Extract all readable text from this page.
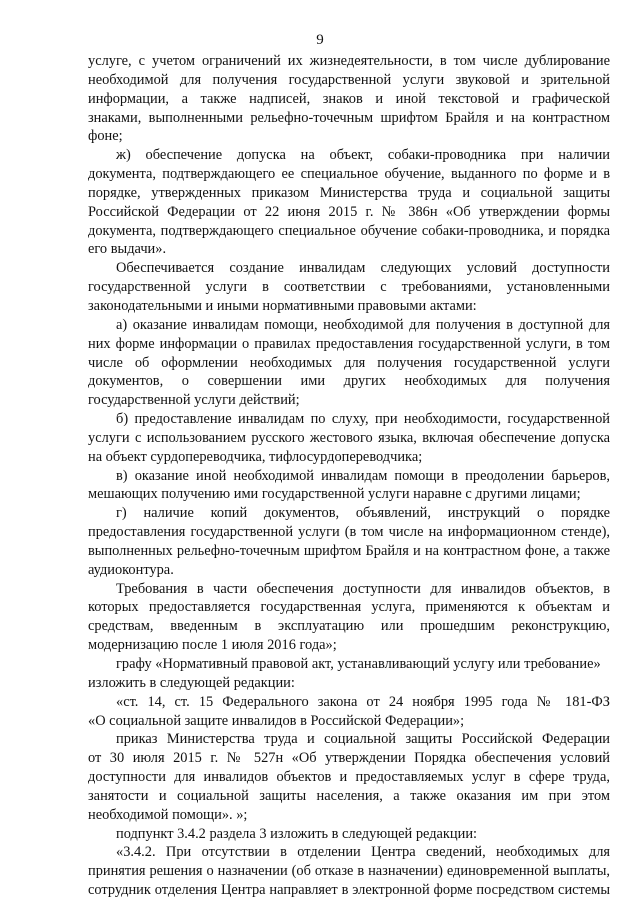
9
услуге, с учетом ограничений их жизнедеятельности, в том числе дублирование
необходимой для получения государственной услуги звуковой и зрительной
информации, а также надписей, знаков и иной текстовой и графической
знаками, выполненными рельефно-точечным шрифтом Брайля и на контрастном
фоне;
ж) обеспечение допуска на объект, собаки-проводника при наличии
документа, подтверждающего ее специальное обучение, выданного по форме и в
порядке, утвержденных приказом Министерства труда и социальной защиты
Российской Федерации от 22 июня 2015 г. № 386н «Об утверждении формы
документа, подтверждающего специальное обучение собаки-проводника, и порядка
его выдачи».
Обеспечивается создание инвалидам следующих условий доступности
государственной услуги в соответствии с требованиями, установленными
законодательными и иными нормативными правовыми актами:
а) оказание инвалидам помощи, необходимой для получения в доступной для
них форме информации о правилах предоставления государственной услуги, в том
числе об оформлении необходимых для получения государственной услуги
документов, о совершении ими других необходимых для получения
государственной услуги действий;
б) предоставление инвалидам по слуху, при необходимости, государственной
услуги с использованием русского жестового языка, включая обеспечение допуска
на объект сурдопереводчика, тифлосурдопереводчика;
в) оказание иной необходимой инвалидам помощи в преодолении барьеров,
мешающих получению ими государственной услуги наравне с другими лицами;
г) наличие копий документов, объявлений, инструкций о порядке
предоставления государственной услуги (в том числе на информационном стенде),
выполненных рельефно-точечным шрифтом Брайля и на контрастном фоне, а также
аудиоконтура.
Требования в части обеспечения доступности для инвалидов объектов, в
которых предоставляется государственная услуга, применяются к объектам и
средствам, введенным в эксплуатацию или прошедшим реконструкцию,
модернизацию после 1 июля 2016 года»;
графу «Нормативный правовой акт, устанавливающий услугу или требование»
изложить в следующей редакции:
«ст. 14, ст. 15 Федерального закона от 24 ноября 1995 года № 181-ФЗ
«О социальной защите инвалидов в Российской Федерации»;
приказ Министерства труда и социальной защиты Российской Федерации
от 30 июля 2015 г. № 527н «Об утверждении Порядка обеспечения условий
доступности для инвалидов объектов и предоставляемых услуг в сфере труда,
занятости и социальной защиты населения, а также оказания им при этом
необходимой помощи». »;
подпункт 3.4.2 раздела 3 изложить в следующей редакции:
«3.4.2. При отсутствии в отделении Центра сведений, необходимых для
принятия решения о назначении (об отказе в назначении) единовременной выплаты,
сотрудник отделения Центра направляет в электронной форме посредством системы
